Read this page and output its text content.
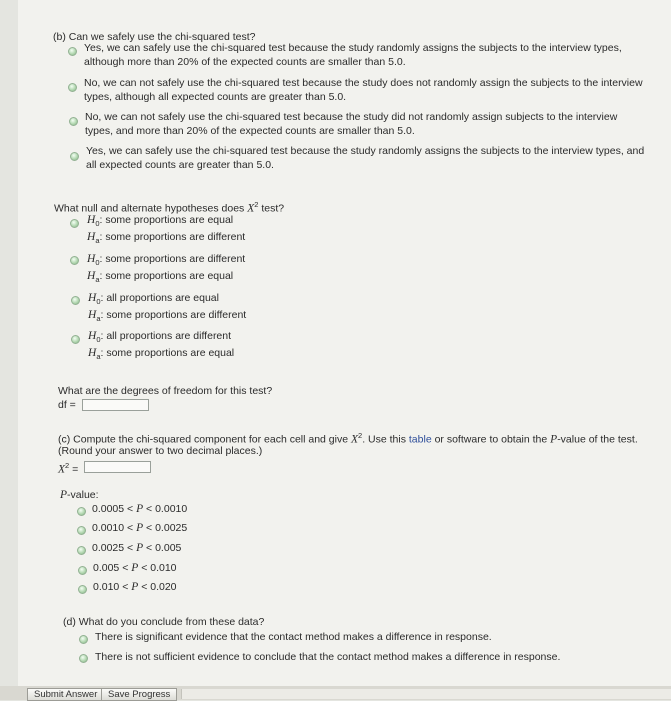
(b) Can we safely use the chi-squared test?
Yes, we can safely use the chi-squared test because the study randomly assigns the subjects to the interview types,
although more than 20% of the expected counts are smaller than 5.0.
No, we can not safely use the chi-squared test because the study does not randomly assign the subjects to the interview
types, although all expected counts are greater than 5.0.
No, we can not safely use the chi-squared test because the study did not randomly assign subjects to the interview
types, and more than 20% of the expected counts are smaller than 5.0.
Yes, we can safely use the chi-squared test because the study randomly assigns the subjects to the interview types, and
all expected counts are greater than 5.0.
What null and alternate hypotheses does $X^2$ test?
$H_0$: some proportions are equal
$H_a$: some proportions are different
$H_0$: some proportions are different
$H_a$: some proportions are equal
$H_0$: all proportions are equal
$H_a$: some proportions are different
$H_0$: all proportions are different
$H_a$: some proportions are equal
What are the degrees of freedom for this test?
df =
(c) Compute the chi-squared component for each cell and give $X^2$. Use this table or software to obtain the P-value of the test.
(Round your answer to two decimal places.)
$X^2$ =
P-value:
0.0005 < P < 0.0010
0.0010 < P < 0.0025
0.0025 < P < 0.005
0.005 < P < 0.010
0.010 < P < 0.020
(d) What do you conclude from these data?
There is significant evidence that the contact method makes a difference in response.
There is not sufficient evidence to conclude that the contact method makes a difference in response.
Submit Answer	Save Progress
